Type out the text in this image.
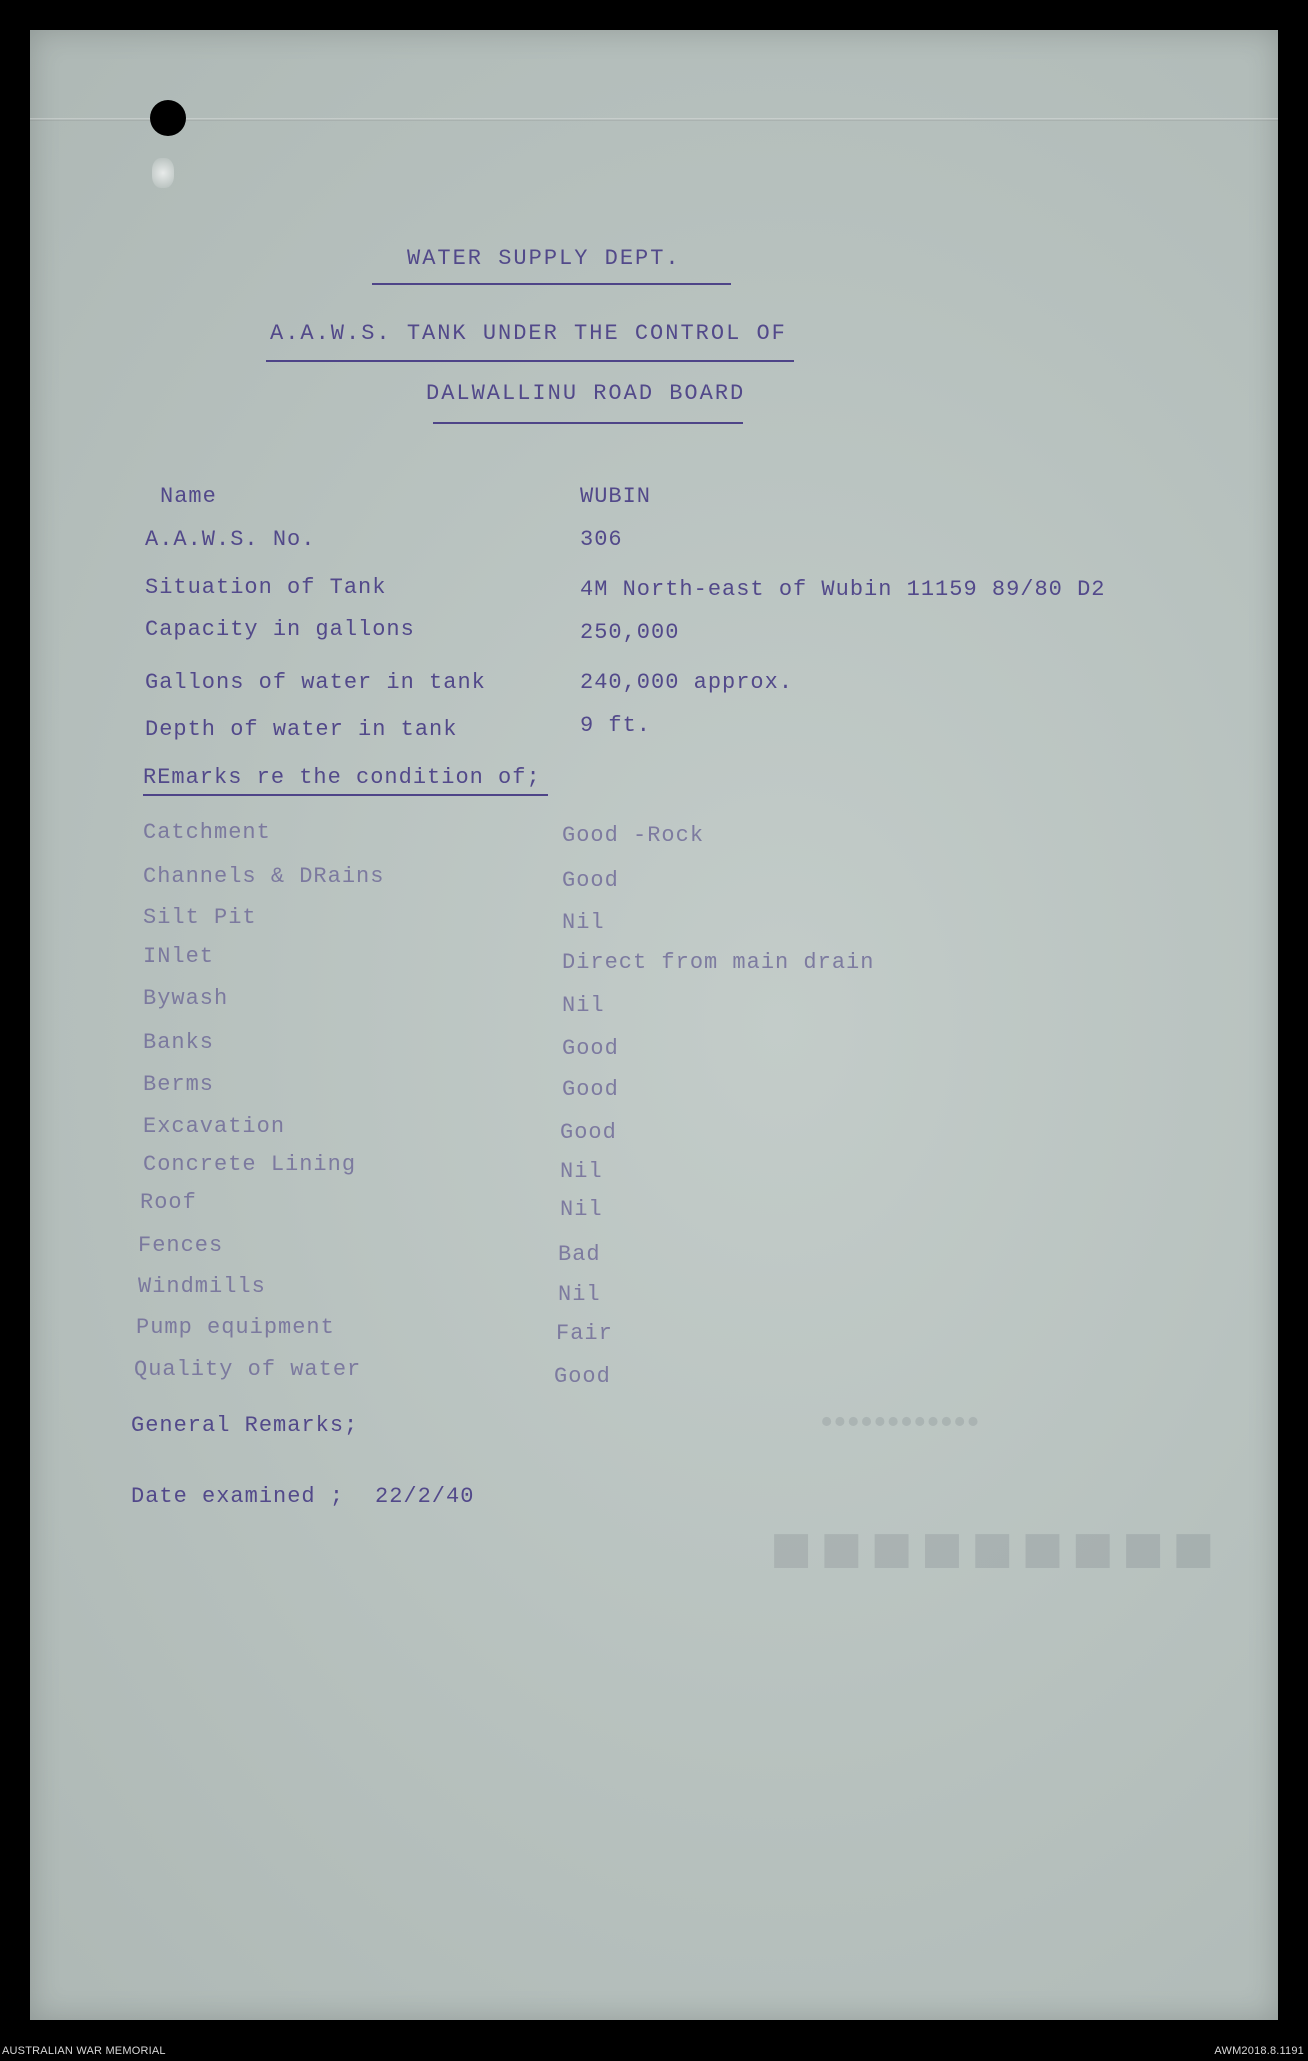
••••••••••••
■■■■■■■■■
WATER SUPPLY DEPT.
A.A.W.S. TANK UNDER THE CONTROL OF
DALWALLINU ROAD BOARD
Name	WUBIN
A.A.W.S. No.	306
Situation of Tank	4M North-east of Wubin 11159 89/80 D2
Capacity in gallons	250,000
Gallons of water in tank	240,000 approx.
Depth of water in tank	9 ft.
REmarks re the condition of;
Catchment	Good -Rock
Channels & DRains	Good
Silt Pit	Nil
INlet	Direct from main drain
Bywash	Nil
Banks	Good
Berms	Good
Excavation	Good
Concrete Lining	Nil
Roof	Nil
Fences	Bad
Windmills	Nil
Pump equipment	Fair
Quality of water	Good
General Remarks;
Date examined ; 22/2/40
AUSTRALIAN WAR MEMORIAL	AWM2018.8.1191
